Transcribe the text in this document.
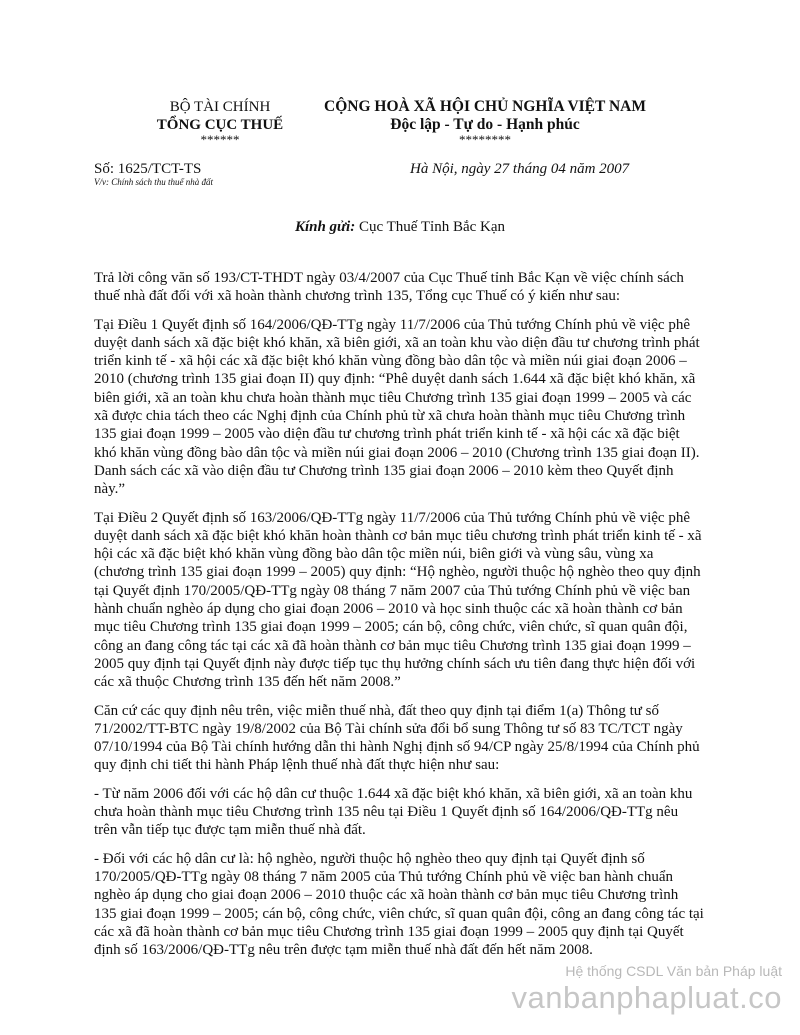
BỘ TÀI CHÍNH
TỔNG CỤC THUẾ
******
CỘNG HOÀ XÃ HỘI CHỦ NGHĨA VIỆT NAM
Độc lập - Tự do - Hạnh phúc
********
Số: 1625/TCT-TS
V/v: Chính sách thu thuế nhà đất
Hà Nội, ngày 27 tháng 04 năm 2007
Kính gửi: Cục Thuế Tỉnh Bắc Kạn

Trả lời công văn số 193/CT-THDT ngày 03/4/2007 của Cục Thuế tỉnh Bắc Kạn về việc chính sách thuế nhà đất đối với xã hoàn thành chương trình 135, Tổng cục Thuế có ý kiến như sau:

Tại Điều 1 Quyết định số 164/2006/QĐ-TTg ngày 11/7/2006 của Thủ tướng Chính phủ về việc phê duyệt danh sách xã đặc biệt khó khăn, xã biên giới, xã an toàn khu vào diện đầu tư chương trình phát triển kinh tế - xã hội các xã đặc biệt khó khăn vùng đồng bào dân tộc và miền núi giai đoạn 2006 – 2010 (chương trình 135 giai đoạn II) quy định: “Phê duyệt danh sách 1.644 xã đặc biệt khó khăn, xã biên giới, xã an toàn khu chưa hoàn thành mục tiêu Chương trình 135 giai đoạn 1999 – 2005 và các xã được chia tách theo các Nghị định của Chính phủ từ xã chưa hoàn thành mục tiêu Chương trình 135 giai đoạn 1999 – 2005 vào diện đầu tư chương trình phát triển kinh tế - xã hội các xã đặc biệt khó khăn vùng đồng bào dân tộc và miền núi giai đoạn 2006 – 2010 (Chương trình 135 giai đoạn II). Danh sách các xã vào diện đầu tư Chương trình 135 giai đoạn 2006 – 2010 kèm theo Quyết định này.”

Tại Điều 2 Quyết định số 163/2006/QĐ-TTg ngày 11/7/2006 của Thủ tướng Chính phủ về việc phê duyệt danh sách xã đặc biệt khó khăn hoàn thành cơ bản mục tiêu chương trình phát triển kinh tế - xã hội các xã đặc biệt khó khăn vùng đồng bào dân tộc miền núi, biên giới và vùng sâu, vùng xa (chương trình 135 giai đoạn 1999 – 2005) quy định: “Hộ nghèo, người thuộc hộ nghèo theo quy định tại Quyết định 170/2005/QĐ-TTg ngày 08 tháng 7 năm 2007 của Thủ tướng Chính phủ về việc ban hành chuẩn nghèo áp dụng cho giai đoạn 2006 – 2010 và học sinh thuộc các xã hoàn thành cơ bản mục tiêu Chương trình 135 giai đoạn 1999 – 2005; cán bộ, công chức, viên chức, sĩ quan quân đội, công an đang công tác tại các xã đã hoàn thành cơ bản mục tiêu Chương trình 135 giai đoạn 1999 – 2005 quy định tại Quyết định này được tiếp tục thụ hưởng chính sách ưu tiên đang thực hiện đối với các xã thuộc Chương trình 135 đến hết năm 2008.”

Căn cứ các quy định nêu trên, việc miễn thuế nhà, đất theo quy định tại điểm 1(a) Thông tư số 71/2002/TT-BTC ngày 19/8/2002 của Bộ Tài chính sửa đổi bổ sung Thông tư số 83 TC/TCT ngày 07/10/1994 của Bộ Tài chính hướng dẫn thi hành Nghị định số 94/CP ngày 25/8/1994 của Chính phủ quy định chi tiết thi hành Pháp lệnh thuế nhà đất thực hiện như sau:

- Từ năm 2006 đối với các hộ dân cư thuộc 1.644 xã đặc biệt khó khăn, xã biên giới, xã an toàn khu chưa hoàn thành mục tiêu Chương trình 135 nêu tại Điều 1 Quyết định số 164/2006/QĐ-TTg nêu trên vẫn tiếp tục được tạm miễn thuế nhà đất.

- Đối với các hộ dân cư là: hộ nghèo, người thuộc hộ nghèo theo quy định tại Quyết định số 170/2005/QĐ-TTg ngày 08 tháng 7 năm 2005 của Thủ tướng Chính phủ về việc ban hành chuẩn nghèo áp dụng cho giai đoạn 2006 – 2010 thuộc các xã hoàn thành cơ bản mục tiêu Chương trình 135 giai đoạn 1999 – 2005; cán bộ, công chức, viên chức, sĩ quan quân đội, công an đang công tác tại các xã đã hoàn thành cơ bản mục tiêu Chương trình 135 giai đoạn 1999 – 2005 quy định tại Quyết định số 163/2006/QĐ-TTg nêu trên được tạm miễn thuế nhà đất đến hết năm 2008.

Hệ thống CSDL Văn bản Pháp luật
vanbanphapluat.co
